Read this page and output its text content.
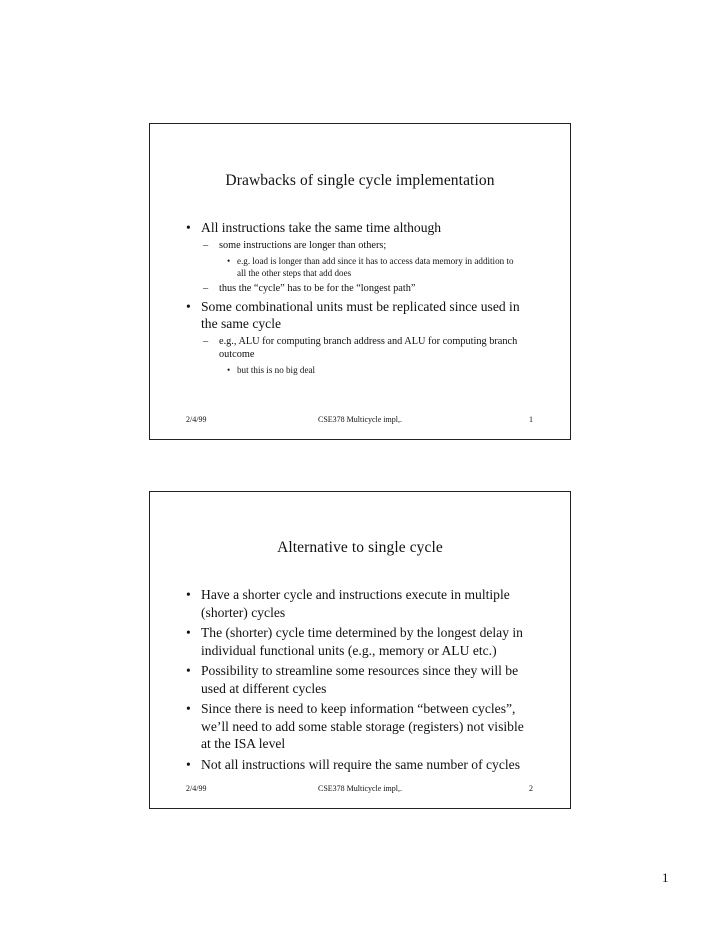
Drawbacks of single cycle implementation
• All instructions take the same time although
– some instructions are longer than others;
• e.g. load is longer than add since it has to access data memory in addition to all the other steps that add does
– thus the “cycle” has to be for the “longest path”
• Some combinational units must be replicated since used in the same cycle
– e.g., ALU for computing branch address and ALU for computing branch outcome
• but this is no big deal
2/4/99	CSE378 Multicycle impl,.	1
Alternative to single cycle
• Have a shorter cycle and instructions execute in multiple (shorter) cycles
• The (shorter) cycle time determined by the longest delay in individual functional units (e.g., memory or ALU etc.)
• Possibility to streamline some resources since they will be used at different cycles
• Since there is need to keep information “between cycles”, we’ll need to add some stable storage (registers) not visible at the ISA level
• Not all instructions will require the same number of cycles
2/4/99	CSE378 Multicycle impl,.	2
1
